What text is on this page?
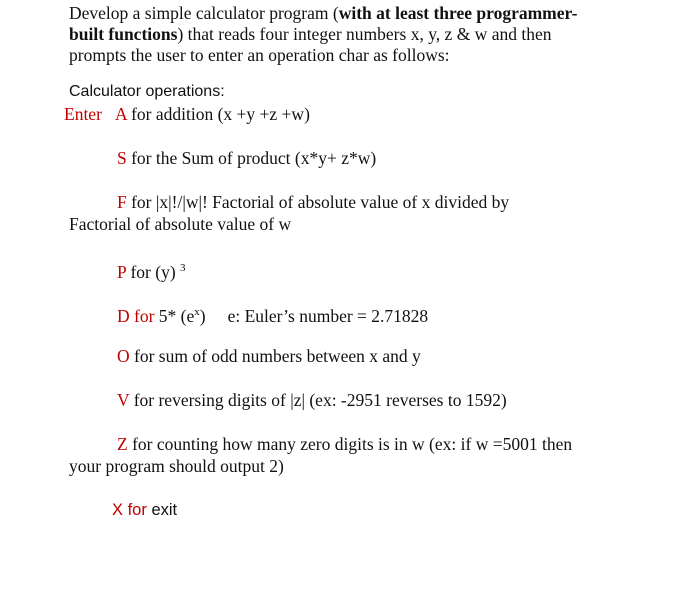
Develop a simple calculator program (with at least three programmer-
built functions) that reads four integer numbers x, y, z & w and then
prompts the user to enter an operation char as follows:
Calculator operations:
Enter A for addition (x +y +z +w)
S for the Sum of product (x*y+ z*w)
F for |x|!/|w|! Factorial of absolute value of x divided by
Factorial of absolute value of w
P for (y) $^3$
D for 5* $(e^x)$ e: Euler’s number = 2.71828
O for sum of odd numbers between x and y
V for reversing digits of |z| (ex: -2951 reverses to 1592)
Z for counting how many zero digits is in w (ex: if w =5001 then
your program should output 2)
X for exit
